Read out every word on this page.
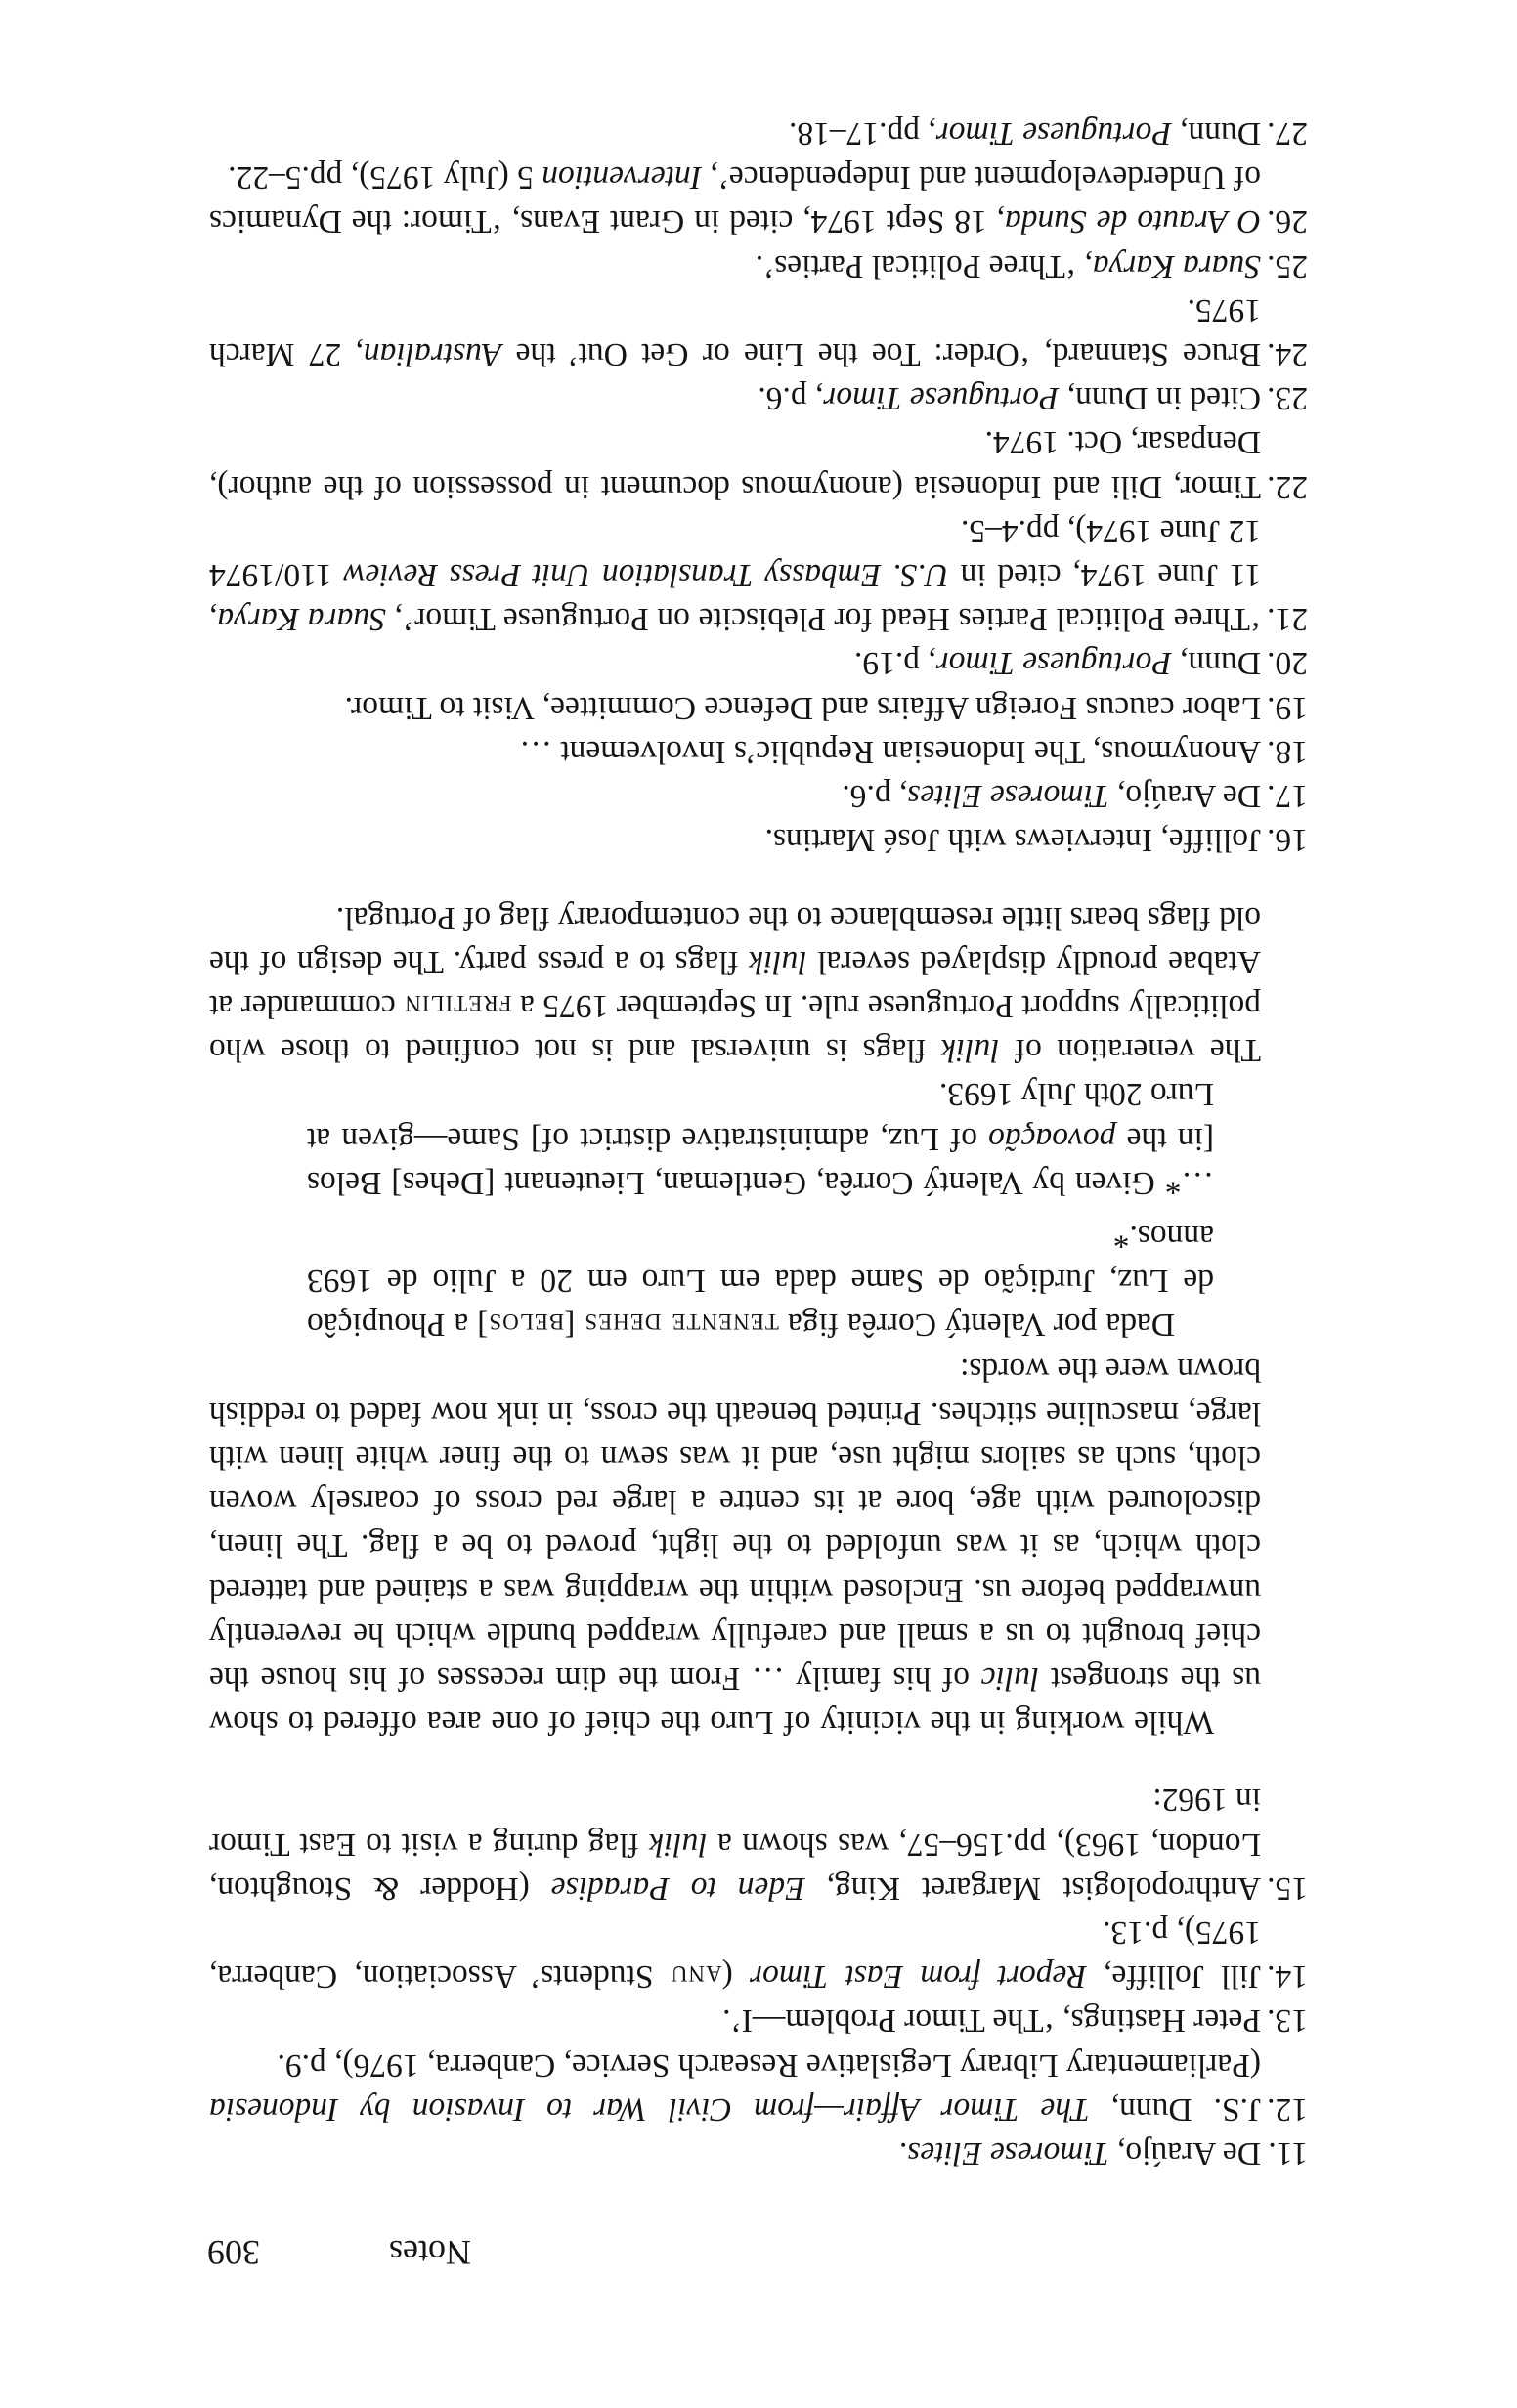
Notes
309
11.
De Araújo, Timorese Elites.
12.
J.S. Dunn, The Timor Affair—from Civil War to Invasion by Indonesia (Parliamentary Library Legislative Research Service, Canberra, 1976), p.9.
13.
Peter Hastings, ‘The Timor Problem—I’.
14.
Jill Jolliffe, Report from East Timor (anu Students’ Association, Canberra, 1975), p.13.
15.
Anthropologist Margaret King, Eden to Paradise (Hodder & Stoughton, London, 1963), pp.156–57, was shown a lulik flag during a visit to East Timor in 1962:
While working in the vicinity of Luro the chief of one area offered to show us the strongest lulic of his family … From the dim recesses of his house the chief brought to us a small and carefully wrapped bundle which he reverently unwrapped before us. Enclosed within the wrapping was a stained and tattered cloth which, as it was unfolded to the light, proved to be a flag. The linen, discoloured with age, bore at its centre a large red cross of coarsely woven cloth, such as sailors might use, and it was sewn to the finer white linen with large, masculine stitches. Printed beneath the cross, in ink now faded to reddish brown were the words:
Dada por Valentý Corrêa figa tenente dehes [belos] a Phoupiçâo de Luz, Jurdição de Same dada em Luro em 20 a Julio de 1693 annos.*
…* Given by Valentý Corrêa, Gentleman, Lieutenant [Dehes] Belos [in the povoação of Luz, administrative district of] Same—given at Luro 20th July 1693.
The veneration of lulik flags is universal and is not confined to those who politically support Portuguese rule. In September 1975 a fretilin commander at Atabae proudly displayed several lulik flags to a press party. The design of the old flags bears little resemblance to the contemporary flag of Portugal.
16.
Jolliffe, Interviews with José Martins.
17.
De Araújo, Timorese Elites, p.6.
18.
Anonymous, The Indonesian Republic’s Involvement …
19.
Labor caucus Foreign Affairs and Defence Committee, Visit to Timor.
20.
Dunn, Portuguese Timor, p.19.
21.
‘Three Political Parties Head for Plebiscite on Portuguese Timor’, Suara Karya, 11 June 1974, cited in U.S. Embassy Translation Unit Press Review 110/1974 12 June 1974), pp.4–5.
22.
Timor, Dili and Indonesia (anonymous document in possession of the author), Denpasar, Oct. 1974.
23.
Cited in Dunn, Portuguese Timor, p.6.
24.
Bruce Stannard, ‘Order: Toe the Line or Get Out’ the Australian, 27 March 1975.
25.
Suara Karya, ‘Three Political Parties’.
26.
O Arauto de Sunda, 18 Sept 1974, cited in Grant Evans, ‘Timor: the Dynamics of Underdevelopment and Independence’, Intervention 5 (July 1975), pp.5–22.
27.
Dunn, Portuguese Timor, pp.17–18.
